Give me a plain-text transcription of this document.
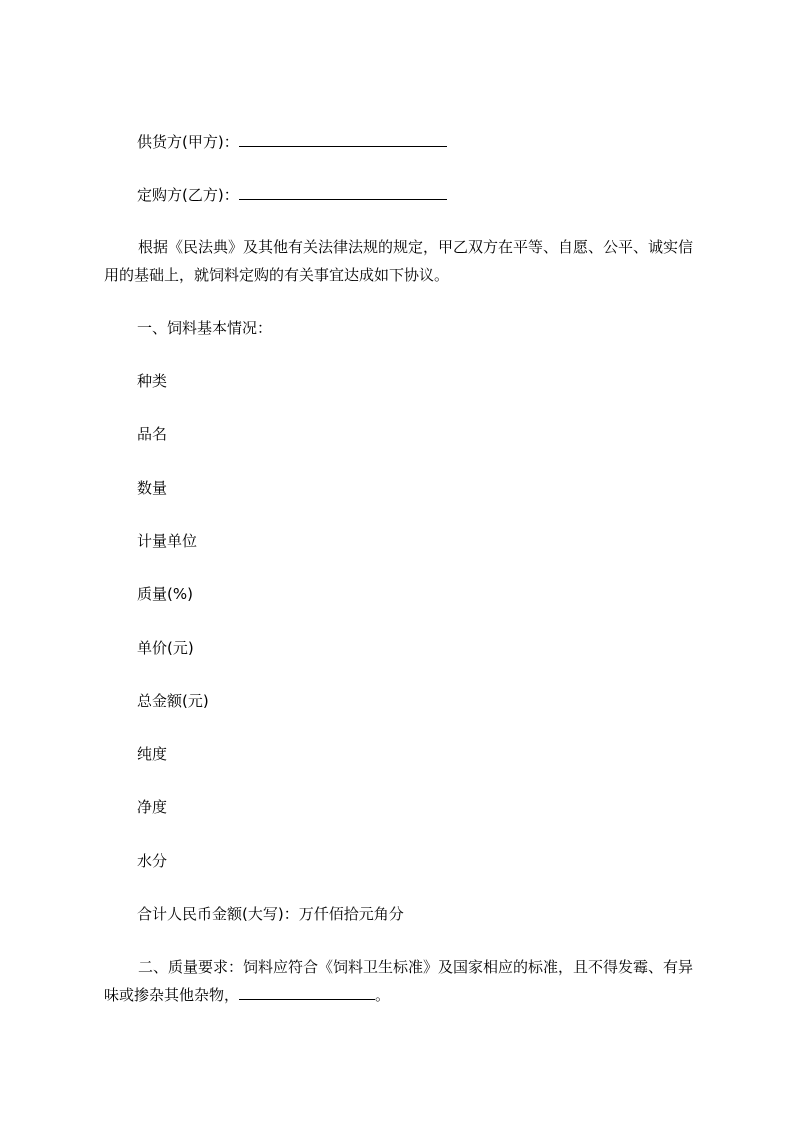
供货方(甲方)：
定购方(乙方)：
根据《民法典》及其他有关法律法规的规定，甲乙双方在平等、自愿、公平、诚实信用的基础上，就饲料定购的有关事宜达成如下协议。
一、饲料基本情况：
种类
品名
数量
计量单位
质量(%)
单价(元)
总金额(元)
纯度
净度
水分
合计人民币金额(大写)：万仟佰拾元角分
二、质量要求：饲料应符合《饲料卫生标准》及国家相应的标准，且不得发霉、有异味或掺杂其他杂物，	。
